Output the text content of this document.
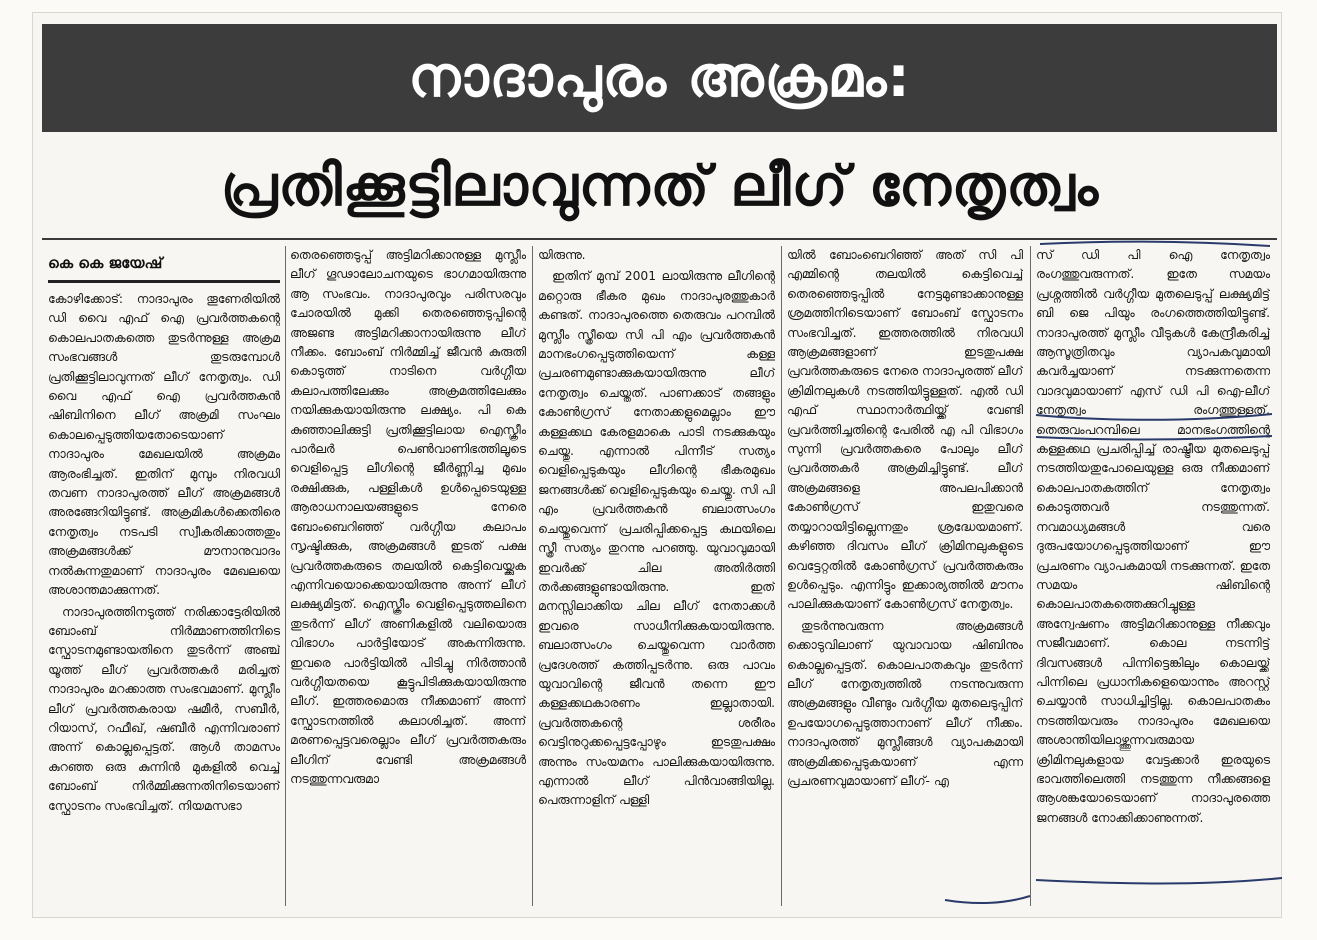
നാദാപുരം അക്രമം:
പ്രതിക്കൂട്ടിലാവുന്നത് ലീഗ് നേതൃത്വം
കെ കെ ജയേഷ്

കോഴിക്കോട്: നാദാപുരം തൂണേരിയിൽ ഡി വൈ എഫ് ഐ പ്രവർത്തകന്റെ കൊലപാതകത്തെ തുടർന്നുള്ള അക്രമ സംഭവങ്ങൾ തുടരുമ്പോൾ പ്രതിക്കൂട്ടിലാവുന്നത് ലീഗ് നേതൃത്വം. ഡി വൈ എഫ് ഐ പ്രവർത്തകൻ ഷിബിനിനെ ലീഗ് അക്രമി സംഘം കൊലപ്പെടുത്തിയതോടെയാണ് നാദാപുരം മേഖലയിൽ അക്രമം ആരംഭിച്ചത്. ഇതിന് മുമ്പും നിരവധി തവണ നാദാപുരത്ത് ലീഗ് അക്രമങ്ങൾ അരങ്ങേറിയിട്ടുണ്ട്. അക്രമികൾക്കെതിരെ നേതൃത്വം നടപടി സ്വീകരിക്കാത്തതും അക്രമങ്ങൾക്ക് മൗനാനുവാദം നൽകുന്നതുമാണ് നാദാപുരം മേഖലയെ അശാന്തമാക്കുന്നത്.

നാദാപുരത്തിനടുത്ത് നരിക്കാട്ടേരിയിൽ ബോംബ് നിർമ്മാണത്തിനിടെ സ്ഫോടനമുണ്ടായതിനെ തുടർന്ന് അഞ്ച് യൂത്ത് ലീഗ് പ്രവർത്തകർ മരിച്ചത് നാദാപുരം മറക്കാത്ത സംഭവമാണ്. മുസ്ലീം ലീഗ് പ്രവർത്തകരായ ഷമീർ, സബീർ, റിയാസ്, റഫീഖ്, ഷബീർ എന്നിവരാണ് അന്ന് കൊല്ലപ്പെട്ടത്. ആൾ താമസം കുറഞ്ഞ ഒരു കുന്നിൻ മുകളിൽ വെച്ച് ബോംബ് നിർമ്മിക്കുന്നതിനിടെയാണ് സ്ഫോടനം സംഭവിച്ചത്. നിയമസഭാ

തെരഞ്ഞെടുപ്പ് അട്ടിമറിക്കാനുള്ള മുസ്ലീം ലീഗ് ഗൂഢാലോചനയുടെ ഭാഗമായിരുന്നു ആ സംഭവം. നാദാപുരവും പരിസരവും ചോരയിൽ മുക്കി തെരഞ്ഞെടുപ്പിന്റെ അജണ്ട അട്ടിമറിക്കാനായിരുന്നു ലീഗ് നീക്കം. ബോംബ് നിർമ്മിച്ച് ജീവൻ കുരുതി കൊടുത്ത് നാടിനെ വർഗ്ഗീയ കലാപത്തിലേക്കും അക്രമത്തിലേക്കും നയിക്കുകയായിരുന്നു ലക്ഷ്യം. പി കെ കുഞ്ഞാലിക്കുട്ടി പ്രതിക്കൂട്ടിലായ ഐസ്ക്രീം പാർലർ പെൺവാണിഭത്തിലൂടെ വെളിപ്പെട്ട ലീഗിന്റെ ജീർണ്ണിച്ച മുഖം രക്ഷിക്കുക, പള്ളികൾ ഉൾപ്പെടെയുള്ള ആരാധനാലയങ്ങളുടെ നേരെ ബോംബെറിഞ്ഞ് വർഗ്ഗീയ കലാപം സൃഷ്ടിക്കുക, അക്രമങ്ങൾ ഇടത് പക്ഷ പ്രവർത്തകരുടെ തലയിൽ കെട്ടിവെയ്ക്കുക എന്നിവയൊക്കെയായിരുന്നു അന്ന് ലീഗ് ലക്ഷ്യമിട്ടത്. ഐസ്ക്രീം വെളിപ്പെടുത്തലിനെ തുടർന്ന് ലീഗ് അണികളിൽ വലിയൊരു വിഭാഗം പാർട്ടിയോട് അകന്നിരുന്നു. ഇവരെ പാർട്ടിയിൽ പിടിച്ചു നിർത്താൻ വർഗ്ഗീയതയെ കൂട്ടുപിടിക്കുകയായിരുന്നു ലീഗ്. ഇത്തരമൊരു നീക്കമാണ് അന്ന് സ്ഫോടനത്തിൽ കലാശിച്ചത്. അന്ന് മരണപ്പെട്ടവരെല്ലാം ലീഗ് പ്രവർത്തകരും ലീഗിന് വേണ്ടി അക്രമങ്ങൾ നടത്തുന്നവരുമാ

യിരുന്നു.

ഇതിന് മുമ്പ് 2001 ലായിരുന്നു ലീഗിന്റെ മറ്റൊരു ഭീകര മുഖം നാദാപുരത്തുകാർ കണ്ടത്. നാദാപുരത്തെ തെരുവം പറമ്പിൽ മുസ്ലീം സ്ത്രീയെ സി പി എം പ്രവർത്തകൻ മാനഭംഗപ്പെടുത്തിയെന്ന് കള്ള പ്രചരണമുണ്ടാക്കുകയായിരുന്നു ലീഗ് നേതൃത്വം ചെയ്തത്. പാണക്കാട് തങ്ങളും കോൺഗ്രസ് നേതാക്കളുമെല്ലാം ഈ കള്ളക്കഥ കേരളമാകെ പാടി നടക്കുകയും ചെയ്തു. എന്നാൽ പിന്നീട് സത്യം വെളിപ്പെടുകയും ലീഗിന്റെ ഭീകരമുഖം ജനങ്ങൾക്ക് വെളിപ്പെടുകയും ചെയ്തു. സി പി എം പ്രവർത്തകൻ ബലാത്സംഗം ചെയ്തുവെന്ന് പ്രചരിപ്പിക്കപ്പെട്ട കഥയിലെ സ്ത്രീ സത്യം തുറന്നു പറഞ്ഞു. യുവാവുമായി ഇവർക്ക് ചില അതിർത്തി തർക്കങ്ങളുണ്ടായിരുന്നു. ഇത് മനസ്സിലാക്കിയ ചില ലീഗ് നേതാക്കൾ ഇവരെ സാധീനിക്കുകയായിരുന്നു. ബലാത്സംഗം ചെയ്തുവെന്ന വാർത്ത പ്രദേശത്ത് കത്തിപ്പടർന്നു. ഒരു പാവം യുവാവിന്റെ ജീവൻ തന്നെ ഈ കള്ളക്കഥകാരണം ഇല്ലാതായി. പ്രവർത്തകന്റെ ശരീരം വെട്ടിനുറുക്കപ്പെട്ടപ്പോഴും ഇടതുപക്ഷം അന്നും സംയമനം പാലിക്കുകയായിരുന്നു. എന്നാൽ ലീഗ് പിൻവാങ്ങിയില്ല. പെരുന്നാളിന് പള്ളി

യിൽ ബോംബെറിഞ്ഞ് അത് സി പി എമ്മിന്റെ തലയിൽ കെട്ടിവെച്ച് തെരഞ്ഞെടുപ്പിൽ നേട്ടമുണ്ടാക്കാനുള്ള ശ്രമത്തിനിടെയാണ് ബോംബ് സ്ഫോടനം സംഭവിച്ചത്. ഇത്തരത്തിൽ നിരവധി ആക്രമങ്ങളാണ് ഇടതുപക്ഷ പ്രവർത്തകരുടെ നേരെ നാദാപുരത്ത് ലീഗ് ക്രിമിനലുകൾ നടത്തിയിട്ടുള്ളത്. എൽ ഡി എഫ് സ്ഥാനാർത്ഥിയ്ക്ക് വേണ്ടി പ്രവർത്തിച്ചതിന്റെ പേരിൽ എ പി വിഭാഗം സുന്നി പ്രവർത്തകരെ പോലും ലീഗ് പ്രവർത്തകർ അക്രമിച്ചിട്ടുണ്ട്. ലീഗ് അക്രമങ്ങളെ അപലപിക്കാൻ കോൺഗ്രസ് ഇതുവരെ തയ്യാറായിട്ടില്ലെന്നതും ശ്രദ്ധേയമാണ്. കഴിഞ്ഞ ദിവസം ലീഗ് ക്രിമിനലുകളുടെ വെട്ടേറ്റതിൽ കോൺഗ്രസ് പ്രവർത്തകരും ഉൾപ്പെടും. എന്നിട്ടും ഇക്കാര്യത്തിൽ മൗനം പാലിക്കുകയാണ് കോൺഗ്രസ് നേതൃത്വം.

തുടർന്നുവരുന്ന അക്രമങ്ങൾ ക്കൊടുവിലാണ് യുവാവായ ഷിബിനും കൊല്ലപ്പെട്ടത്. കൊലപാതകവും തുടർന്ന് ലീഗ് നേതൃത്വത്തിൽ നടന്നുവരുന്ന അക്രമങ്ങളും വീണ്ടും വർഗ്ഗീയ മുതലെടുപ്പിന് ഉപയോഗപ്പെടുത്താനാണ് ലീഗ് നീക്കം. നാദാപുരത്ത് മുസ്ലീങ്ങൾ വ്യാപകമായി അക്രമിക്കപ്പെടുകയാണ് എന്ന പ്രചരണവുമായാണ് ലീഗ്- എ

സ് ഡി പി ഐ നേതൃത്വം രംഗത്തുവരുന്നത്. ഇതേ സമയം പ്രശ്നത്തിൽ വർഗ്ഗീയ മുതലെടുപ്പ് ലക്ഷ്യമിട്ട് ബി ജെ പിയും രംഗത്തെത്തിയിട്ടുണ്ട്. നാദാപുരത്ത് മുസ്ലീം വീടുകൾ കേന്ദ്രീകരിച്ച് ആസൂത്രിതവും വ്യാപകവുമായി കവർച്ചയാണ് നടക്കുന്നതെന്ന വാദവുമായാണ് എസ് ഡി പി ഐ-ലീഗ് നേതൃത്വം രംഗത്തുള്ളത്. തെരുവംപറമ്പിലെ മാനഭംഗത്തിന്റെ കള്ളക്കഥ പ്രചരിപ്പിച്ച് രാഷ്ട്രീയ മുതലെടുപ്പ് നടത്തിയതുപോലെയുള്ള ഒരു നീക്കമാണ് കൊലപാതകത്തിന് നേതൃത്വം കൊടുത്തവർ നടത്തുന്നത്. നവമാധ്യമങ്ങൾ വരെ ദുരുപയോഗപ്പെടുത്തിയാണ് ഈ പ്രചരണം വ്യാപകമായി നടക്കുന്നത്. ഇതേ സമയം ഷിബിന്റെ കൊലപാതകത്തെക്കുറിച്ചുള്ള അന്വേഷണം അട്ടിമറിക്കാനുള്ള നീക്കവും സജീവമാണ്. കൊല നടന്നിട്ട് ദിവസങ്ങൾ പിന്നിട്ടെങ്കിലും കൊലയ്ക്ക് പിന്നിലെ പ്രധാനികളെയൊന്നും അറസ്റ്റ് ചെയ്യാൻ സാധിച്ചിട്ടില്ല. കൊലപാതകം നടത്തിയവരും നാദാപുരം മേഖലയെ അശാന്തിയിലാഴ്ത്തുന്നവരുമായ ക്രിമിനലുകളായ വേട്ടക്കാർ ഇരയുടെ ഭാവത്തിലെത്തി നടത്തുന്ന നീക്കങ്ങളെ ആശങ്കയോടെയാണ് നാദാപുരത്തെ ജനങ്ങൾ നോക്കിക്കാണുന്നത്.
